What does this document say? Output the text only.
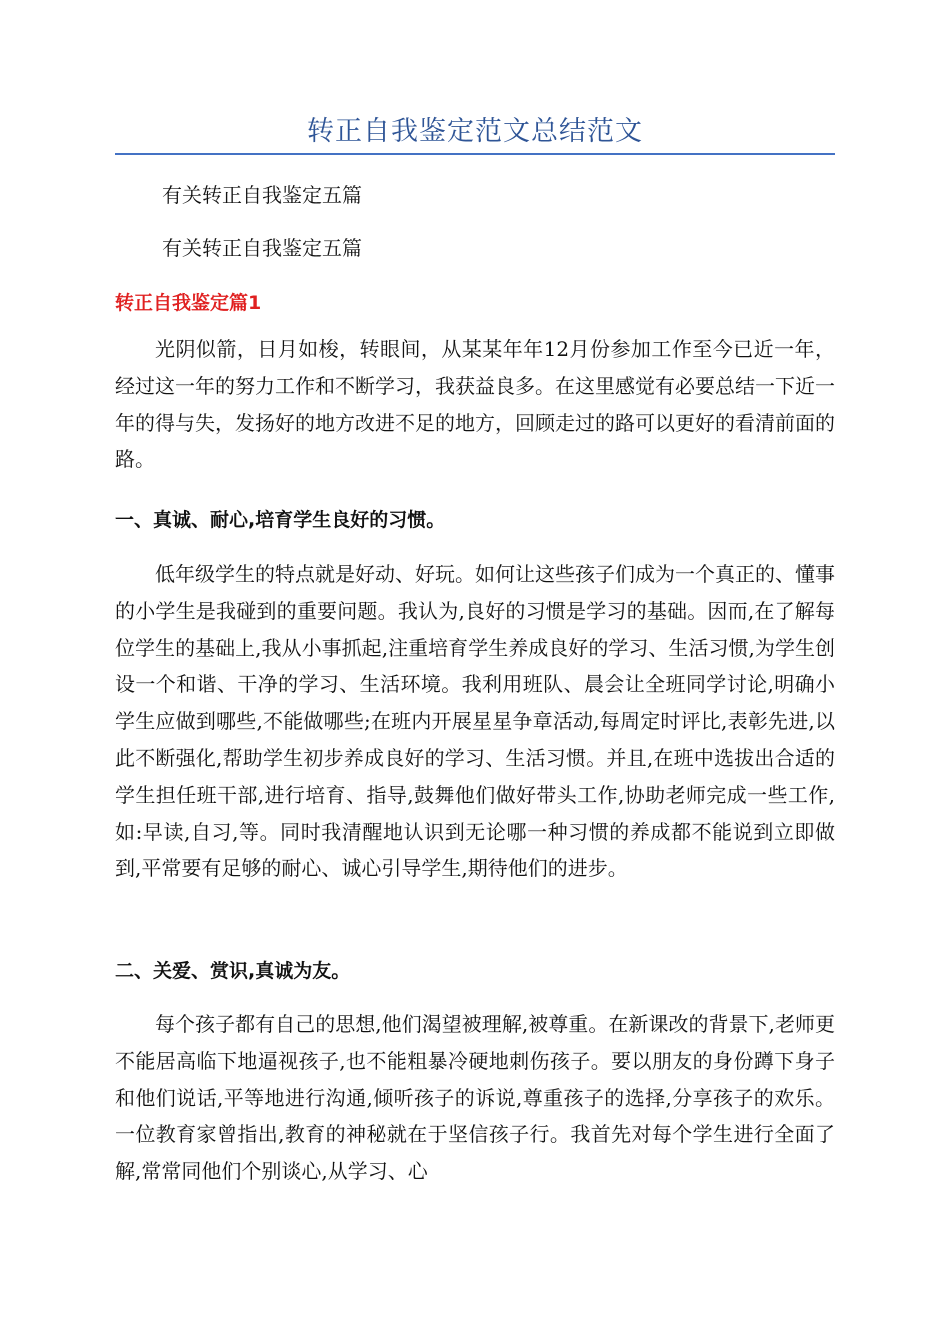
转正自我鉴定范文总结范文
有关转正自我鉴定五篇
有关转正自我鉴定五篇
转正自我鉴定篇1

光阴似箭，日月如梭，转眼间，从某某年年12月份参加工作至今已近一年，经过这一年的努力工作和不断学习，我获益良多。在这里感觉有必要总结一下近一年的得与失，发扬好的地方改进不足的地方，回顾走过的路可以更好的看清前面的路。

一、真诚、耐心,培育学生良好的习惯。

低年级学生的特点就是好动、好玩。如何让这些孩子们成为一个真正的、懂事的小学生是我碰到的重要问题。我认为,良好的习惯是学习的基础。因而,在了解每位学生的基础上,我从小事抓起,注重培育学生养成良好的学习、生活习惯,为学生创设一个和谐、干净的学习、生活环境。我利用班队、晨会让全班同学讨论,明确小学生应做到哪些,不能做哪些;在班内开展星星争章活动,每周定时评比,表彰先进,以此不断强化,帮助学生初步养成良好的学习、生活习惯。并且,在班中选拔出合适的学生担任班干部,进行培育、指导,鼓舞他们做好带头工作,协助老师完成一些工作,如:早读,自习,等。同时我清醒地认识到无论哪一种习惯的养成都不能说到立即做到,平常要有足够的耐心、诚心引导学生,期待他们的进步。

二、关爱、赏识,真诚为友。

每个孩子都有自己的思想,他们渴望被理解,被尊重。在新课改的背景下,老师更不能居高临下地逼视孩子,也不能粗暴冷硬地刺伤孩子。要以朋友的身份蹲下身子和他们说话,平等地进行沟通,倾听孩子的诉说,尊重孩子的选择,分享孩子的欢乐。一位教育家曾指出,教育的神秘就在于坚信孩子行。我首先对每个学生进行全面了解,常常同他们个别谈心,从学习、心
